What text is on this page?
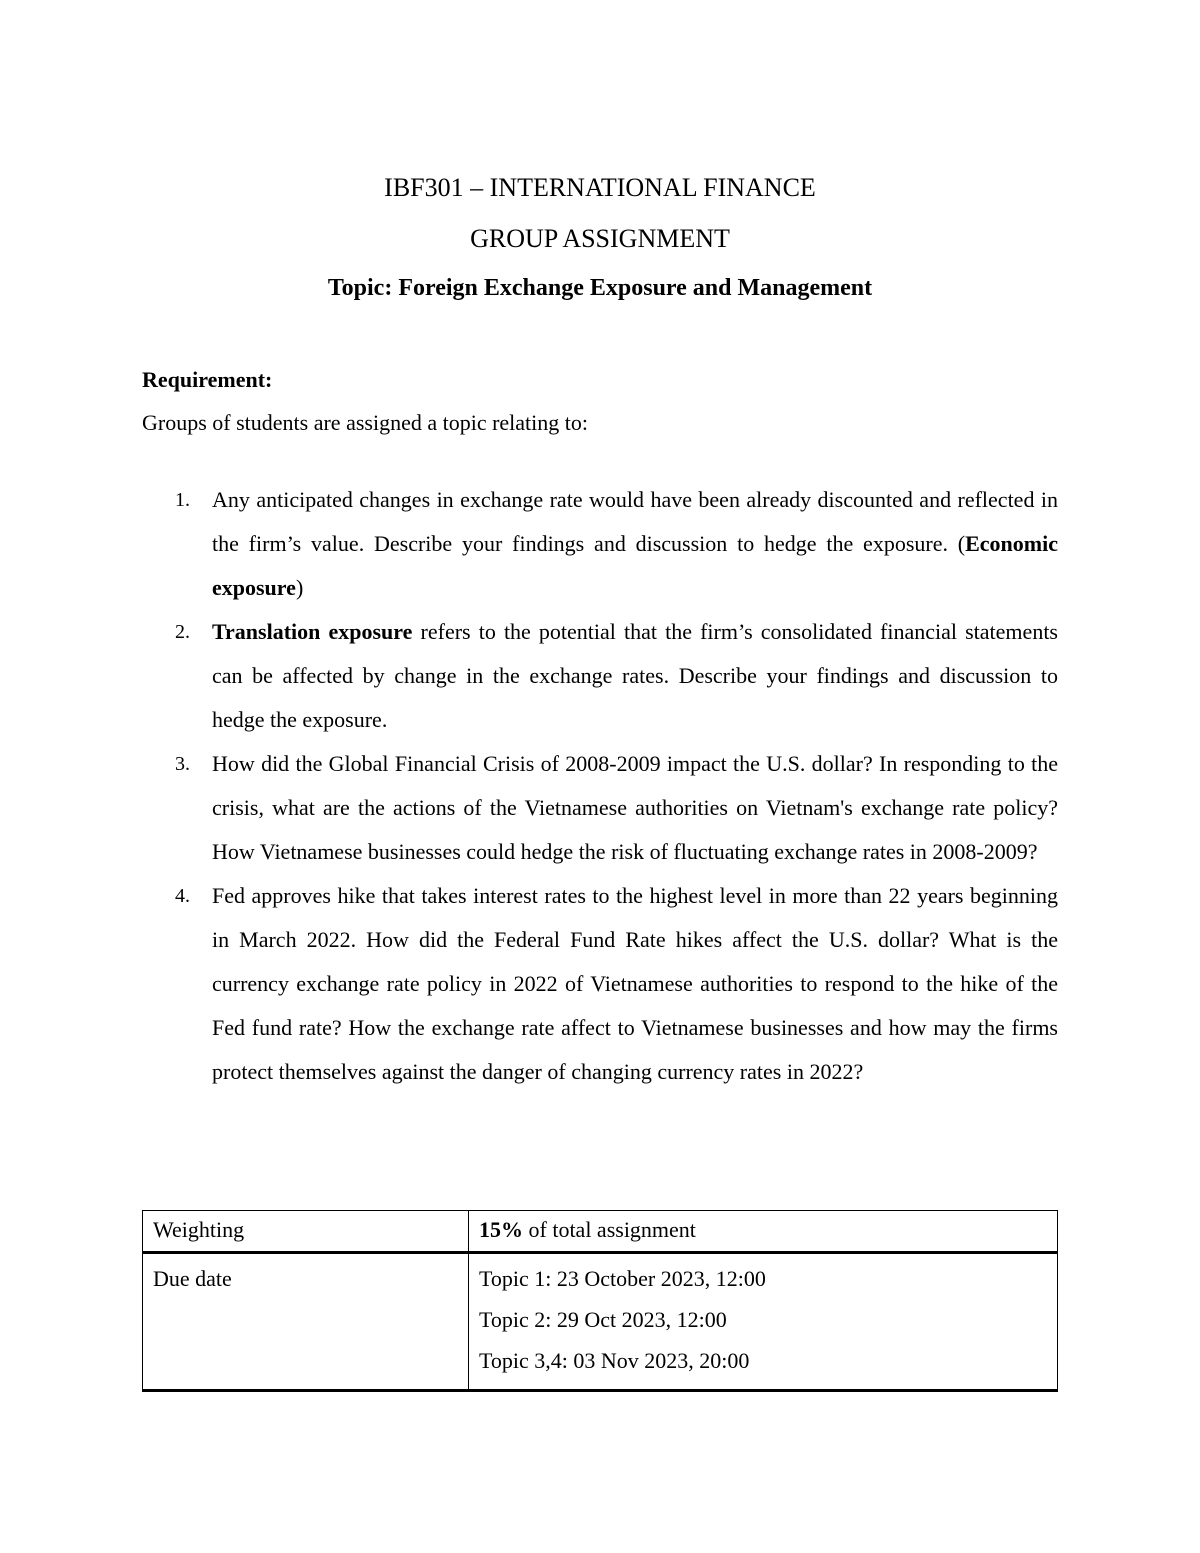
IBF301 – INTERNATIONAL FINANCE
GROUP ASSIGNMENT
Topic: Foreign Exchange Exposure and Management
Requirement:
Groups of students are assigned a topic relating to:
1. Any anticipated changes in exchange rate would have been already discounted and reflected in the firm’s value. Describe your findings and discussion to hedge the exposure. (Economic exposure)
2. Translation exposure refers to the potential that the firm’s consolidated financial statements can be affected by change in the exchange rates. Describe your findings and discussion to hedge the exposure.
3. How did the Global Financial Crisis of 2008-2009 impact the U.S. dollar? In responding to the crisis, what are the actions of the Vietnamese authorities on Vietnam's exchange rate policy? How Vietnamese businesses could hedge the risk of fluctuating exchange rates in 2008-2009?
4. Fed approves hike that takes interest rates to the highest level in more than 22 years beginning in March 2022. How did the Federal Fund Rate hikes affect the U.S. dollar? What is the currency exchange rate policy in 2022 of Vietnamese authorities to respond to the hike of the Fed fund rate? How the exchange rate affect to Vietnamese businesses and how may the firms protect themselves against the danger of changing currency rates in 2022?
Weighting	15% of total assignment
Due date	Topic 1: 23 October 2023, 12:00
Topic 2: 29 Oct 2023, 12:00
Topic 3,4: 03 Nov 2023, 20:00
